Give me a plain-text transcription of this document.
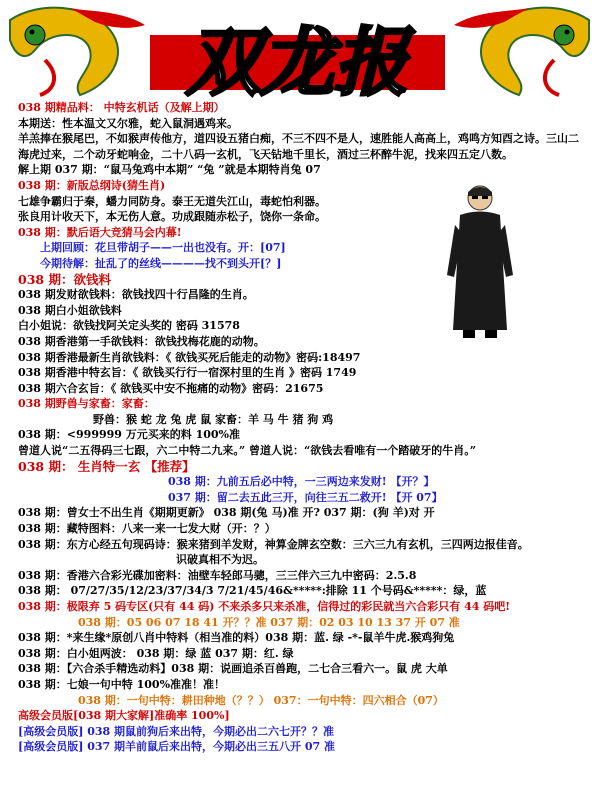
双龙报
038 期精品料： 中特玄机话（及解上期）
本期送：性本温文又尔雅，蛇入鼠洞遇鸡来。
羊羔捧在猴尾巴，不如猴声传他方，道四设五猪白痴，不三不四不是人，速胜能人高高上，鸡鸣方知酉之诗。三山二海虎过来，二个动牙蛇响金，二十八码一玄机，飞天钻地千里长，酒过三杯醉牛泥，找来四五定八数。
解上期 037 期：“鼠马兔鸡中本期” “兔 ”就是本期特肖兔 07
038 期：新版总纲诗(猜生肖)
七雄争霸归于秦，蟠力同防身。泰王无道失江山，毒蛇怕利器。
张良用计收天下，本无伤人意。功成跟随赤松子，饶你一条命。
038 期：默后语大竞猜马会内幕!
上期回顾：花旦带胡子——一出也没有。开：[07]
今期待解：扯乱了的丝线————找不到头开[？]
038 期：欲钱料
038 期发财欲钱料：欲钱找四十行昌隆的生肖。
038 期白小姐欲钱料
白小姐说：欲钱找阿关定头奖的 密码 31578
038 期香港第一手欲钱料：欲钱找梅花鹿的动物。
038 期香港最新生肖欲钱料：《 欲钱买死后能走的动物》密码:18497
038 期香港中特玄旨：《 欲钱买行行一宿深村里的生肖 》密码 1749
038 期六合玄旨：《 欲钱买中安不拖痛的动物》密码：21675
038 期野兽与家畜：家畜：
野兽：猴 蛇 龙 兔 虎 鼠 家畜：羊 马 牛 猪 狗 鸡
038 期：<999999 万元买来的料 100%准
曾道人说“二五得码三七跟，六二中特二九来。” 曾道人说：“欲钱去看唯有一个踏破牙的牛肖。”
038 期： 生肖特一玄 【推荐】
038 期：九前五后必中特，一三两边来发财! 【开？】
037 期：留二去五此三开，向往三五二救开! 【开 07】
038 期：曾女士不出生肖《期期更新》 038 期(兔 马)准 开? 037 期：(狗 羊)对 开
038 期：藏特图料：八来一来一七发大财（开：？）
038 期：东方心经五句现码诗：猴来猪到羊发财，神算金牌玄空数：三六三九有玄机，三四两边报佳音。
识破真相不为迟。
038 期：香港六合彩光碟加密料：油壁车轻郎马骢，三三伴六三九中密码：2.5.8
038 期： 07/27/35/12/23/37/34/3 7/21/45/46&*****:排除 11 个号码&*****：绿，蓝
038 期：极限弃 5 码专区(只有 44 码) 不来杀多只来杀准，信得过的彩民就当六合彩只有 44 码吧!
038 期：05 06 07 18 41 开？？准 037 期：02 03 10 13 37 开 07 准
038 期：*来生缘*原创八肖中特料（相当准的料）038 期：蓝. 绿 -*-鼠羊牛虎.猴鸡狗兔
038 期：白小姐两波： 038 期：绿 蓝 037 期：红. 绿
038 期：【六合杀手精选动料】038 期：说画追杀百兽跑，二七合三看六一。鼠 虎 大单
038 期：七娘一句中特 100%准准！准！
038 期：一句中特：耕田种地（？？） 037：一句中特：四六相合（07）
高级会员版[038 期大家解]准确率 100%]
[高级会员版] 038 期鼠前狗后来出特，今期必出二六七开？？准
[高级会员版] 037 期羊前鼠后来出特，今期必出三五八开 07 准
